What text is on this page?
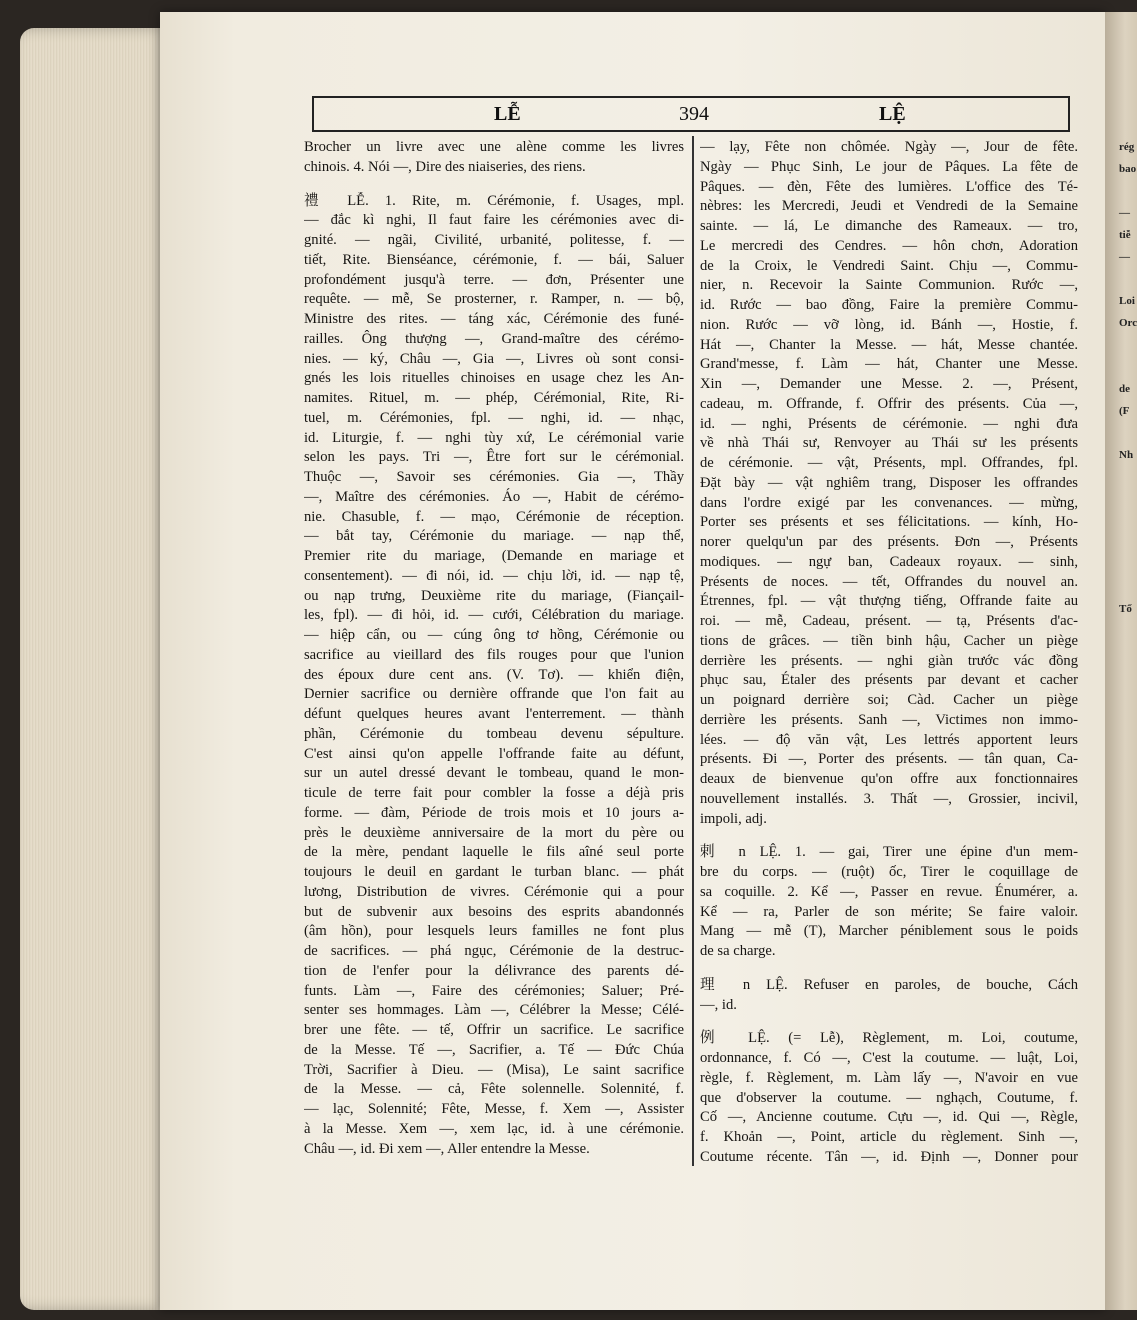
rég
bao
—
tiễ
—
Loi
Orc
de
(F
Nh
Tổ
LỄ	394	LỆ
Brocher un livre avec une alène comme les livres
chinois. 4. Nói —, Dire des niaiseries, des riens.
禮 LỄ. 1. Rite, m. Cérémonie, f. Usages, mpl.
— đắc kì nghi, Il faut faire les cérémonies avec di-
gnité. — ngãi, Civilité, urbanité, politesse, f. —
tiết, Rite. Bienséance, cérémonie, f. — bái, Saluer
profondément jusqu'à terre. — đơn, Présenter une
requête. — mễ, Se prosterner, r. Ramper, n. — bộ,
Ministre des rites. — táng xác, Cérémonie des funé-
railles. Ông thượng —, Grand-maître des cérémo-
nies. — ký, Châu —, Gia —, Livres où sont consi-
gnés les lois rituelles chinoises en usage chez les An-
namites. Rituel, m. — phép, Cérémonial, Rite, Ri-
tuel, m. Cérémonies, fpl. — nghi, id. — nhạc,
id. Liturgie, f. — nghi tùy xứ, Le cérémonial varie
selon les pays. Tri —, Être fort sur le cérémonial.
Thuộc —, Savoir ses cérémonies. Gia —, Thầy
—, Maître des cérémonies. Áo —, Habit de cérémo-
nie. Chasuble, f. — mạo, Cérémonie de réception.
— bắt tay, Cérémonie du mariage. — nạp thể,
Premier rite du mariage, (Demande en mariage et
consentement). — đi nói, id. — chịu lời, id. — nạp tệ,
ou nạp trưng, Deuxième rite du mariage, (Fiançail-
les, fpl). — đi hỏi, id. — cưới, Célébration du mariage.
— hiệp cẩn, ou — cúng ông tơ hồng, Cérémonie ou
sacrifice au vieillard des fils rouges pour que l'union
des époux dure cent ans. (V. Tơ). — khiển điện,
Dernier sacrifice ou dernière offrande que l'on fait au
défunt quelques heures avant l'enterrement. — thành
phần, Cérémonie du tombeau devenu sépulture.
C'est ainsi qu'on appelle l'offrande faite au défunt,
sur un autel dressé devant le tombeau, quand le mon-
ticule de terre fait pour combler la fosse a déjà pris
forme. — đàm, Période de trois mois et 10 jours a-
près le deuxième anniversaire de la mort du père ou
de la mère, pendant laquelle le fils aîné seul porte
toujours le deuil en gardant le turban blanc. — phát
lương, Distribution de vivres. Cérémonie qui a pour
but de subvenir aux besoins des esprits abandonnés
(âm hồn), pour lesquels leurs familles ne font plus
de sacrifices. — phá ngục, Cérémonie de la destruc-
tion de l'enfer pour la délivrance des parents dé-
funts. Làm —, Faire des cérémonies; Saluer; Pré-
senter ses hommages. Làm —, Célébrer la Messe; Célé-
brer une fête. — tế, Offrir un sacrifice. Le sacrifice
de la Messe. Tế —, Sacrifier, a. Tế — Đức Chúa
Trời, Sacrifier à Dieu. — (Misa), Le saint sacrifice
de la Messe. — cả, Fête solennelle. Solennité, f.
— lạc, Solennité; Fête, Messe, f. Xem —, Assister
à la Messe. Xem —, xem lạc, id. à une cérémonie.
Châu —, id. Đi xem —, Aller entendre la Messe.
— lạy, Fête non chômée. Ngày —, Jour de fête.
Ngày — Phục Sinh, Le jour de Pâques. La fête de
Pâques. — đèn, Fête des lumières. L'office des Té-
nèbres: les Mercredi, Jeudi et Vendredi de la Semaine
sainte. — lá, Le dimanche des Rameaux. — tro,
Le mercredi des Cendres. — hôn chơn, Adoration
de la Croix, le Vendredi Saint. Chịu —, Commu-
nier, n. Recevoir la Sainte Communion. Rước —,
id. Rước — bao đồng, Faire la première Commu-
nion. Rước — vỡ lòng, id. Bánh —, Hostie, f.
Hát —, Chanter la Messe. — hát, Messe chantée.
Grand'messe, f. Làm — hát, Chanter une Messe.
Xin —, Demander une Messe. 2. —, Présent,
cadeau, m. Offrande, f. Offrir des présents. Của —,
id. — nghi, Présents de cérémonie. — nghi đưa
về nhà Thái sư, Renvoyer au Thái sư les présents
de cérémonie. — vật, Présents, mpl. Offrandes, fpl.
Đặt bày — vật nghiêm trang, Disposer les offrandes
dans l'ordre exigé par les convenances. — mừng,
Porter ses présents et ses félicitations. — kính, Ho-
norer quelqu'un par des présents. Đơn —, Présents
modiques. — ngự ban, Cadeaux royaux. — sinh,
Présents de noces. — tết, Offrandes du nouvel an.
Étrennes, fpl. — vật thượng tiếng, Offrande faite au
roi. — mễ, Cadeau, présent. — tạ, Présents d'ac-
tions de grâces. — tiền binh hậu, Cacher un piège
derrière les présents. — nghi giàn trước vác đồng
phục sau, Étaler des présents par devant et cacher
un poignard derrière soi; Càd. Cacher un piège
derrière les présents. Sanh —, Victimes non immo-
lées. — độ văn vật, Les lettrés apportent leurs
présents. Đi —, Porter des présents. — tân quan, Ca-
deaux de bienvenue qu'on offre aux fonctionnaires
nouvellement installés. 3. Thất —, Grossier, incivil,
impoli, adj.
剌 n LỆ. 1. — gai, Tirer une épine d'un mem-
bre du corps. — (ruột) ốc, Tirer le coquillage de
sa coquille. 2. Kể —, Passer en revue. Énumérer, a.
Kể — ra, Parler de son mérite; Se faire valoir.
Mang — mễ (T), Marcher péniblement sous le poids
de sa charge.
理 n LỆ. Refuser en paroles, de bouche, Cách
—, id.
例 LỆ. (= Lễ), Règlement, m. Loi, coutume,
ordonnance, f. Có —, C'est la coutume. — luật, Loi,
règle, f. Règlement, m. Làm lấy —, N'avoir en vue
que d'observer la coutume. — nghạch, Coutume, f.
Cố —, Ancienne coutume. Cựu —, id. Qui —, Règle,
f. Khoản —, Point, article du règlement. Sinh —,
Coutume récente. Tân —, id. Định —, Donner pour
